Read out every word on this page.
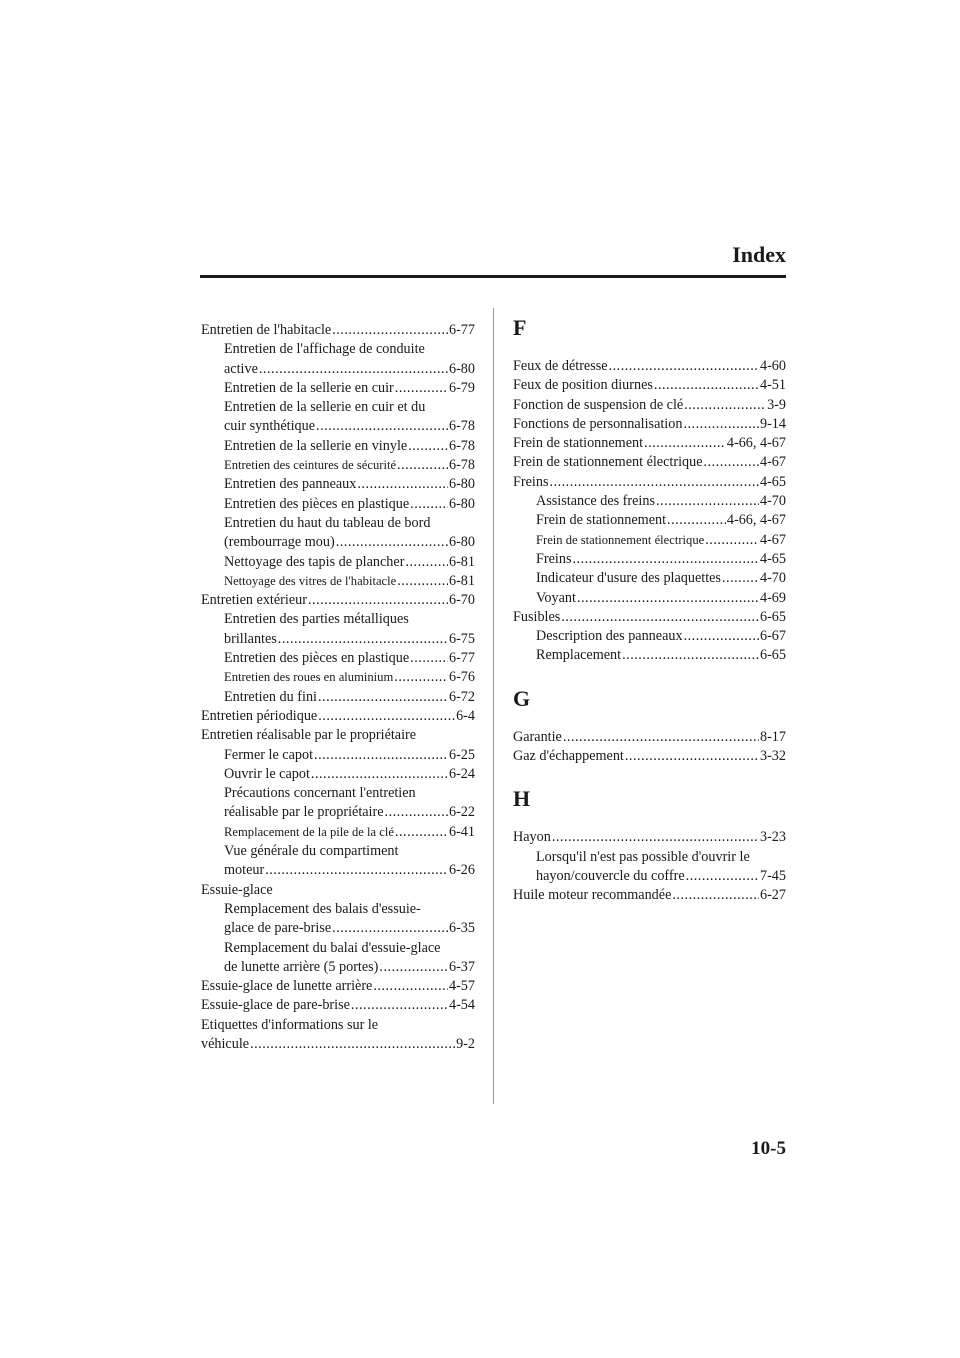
Index
Entretien de l'habitacle .....	6-77
Entretien de l'affichage de conduite
active .....	6-80
Entretien de la sellerie en cuir .....	6-79
Entretien de la sellerie en cuir et du
cuir synthétique .....	6-78
Entretien de la sellerie en vinyle .....	6-78
Entretien des ceintures de sécurité .....	6-78
Entretien des panneaux .....	6-80
Entretien des pièces en plastique .....	6-80
Entretien du haut du tableau de bord
(rembourrage mou) .....	6-80
Nettoyage des tapis de plancher .....	6-81
Nettoyage des vitres de l'habitacle .....	6-81
Entretien extérieur .....	6-70
Entretien des parties métalliques
brillantes .....	6-75
Entretien des pièces en plastique .....	6-77
Entretien des roues en aluminium .....	6-76
Entretien du fini .....	6-72
Entretien périodique .....	6-4
Entretien réalisable par le propriétaire
Fermer le capot .....	6-25
Ouvrir le capot .....	6-24
Précautions concernant l'entretien
réalisable par le propriétaire .....	6-22
Remplacement de la pile de la clé .....	6-41
Vue générale du compartiment
moteur .....	6-26
Essuie-glace
Remplacement des balais d'essuie-
glace de pare-brise .....	6-35
Remplacement du balai d'essuie-glace
de lunette arrière (5 portes) .....	6-37
Essuie-glace de lunette arrière .....	4-57
Essuie-glace de pare-brise .....	4-54
Etiquettes d'informations sur le
véhicule .....	9-2
F
Feux de détresse .....	4-60
Feux de position diurnes .....	4-51
Fonction de suspension de clé .....	3-9
Fonctions de personnalisation .....	9-14
Frein de stationnement .....	4-66, 4-67
Frein de stationnement électrique .....	4-67
Freins .....	4-65
Assistance des freins .....	4-70
Frein de stationnement .....	4-66, 4-67
Frein de stationnement électrique .....	4-67
Freins .....	4-65
Indicateur d'usure des plaquettes .....	4-70
Voyant .....	4-69
Fusibles .....	6-65
Description des panneaux .....	6-67
Remplacement .....	6-65
G
Garantie .....	8-17
Gaz d'échappement .....	3-32
H
Hayon .....	3-23
Lorsqu'il n'est pas possible d'ouvrir le
hayon/couvercle du coffre .....	7-45
Huile moteur recommandée .....	6-27
10-5
